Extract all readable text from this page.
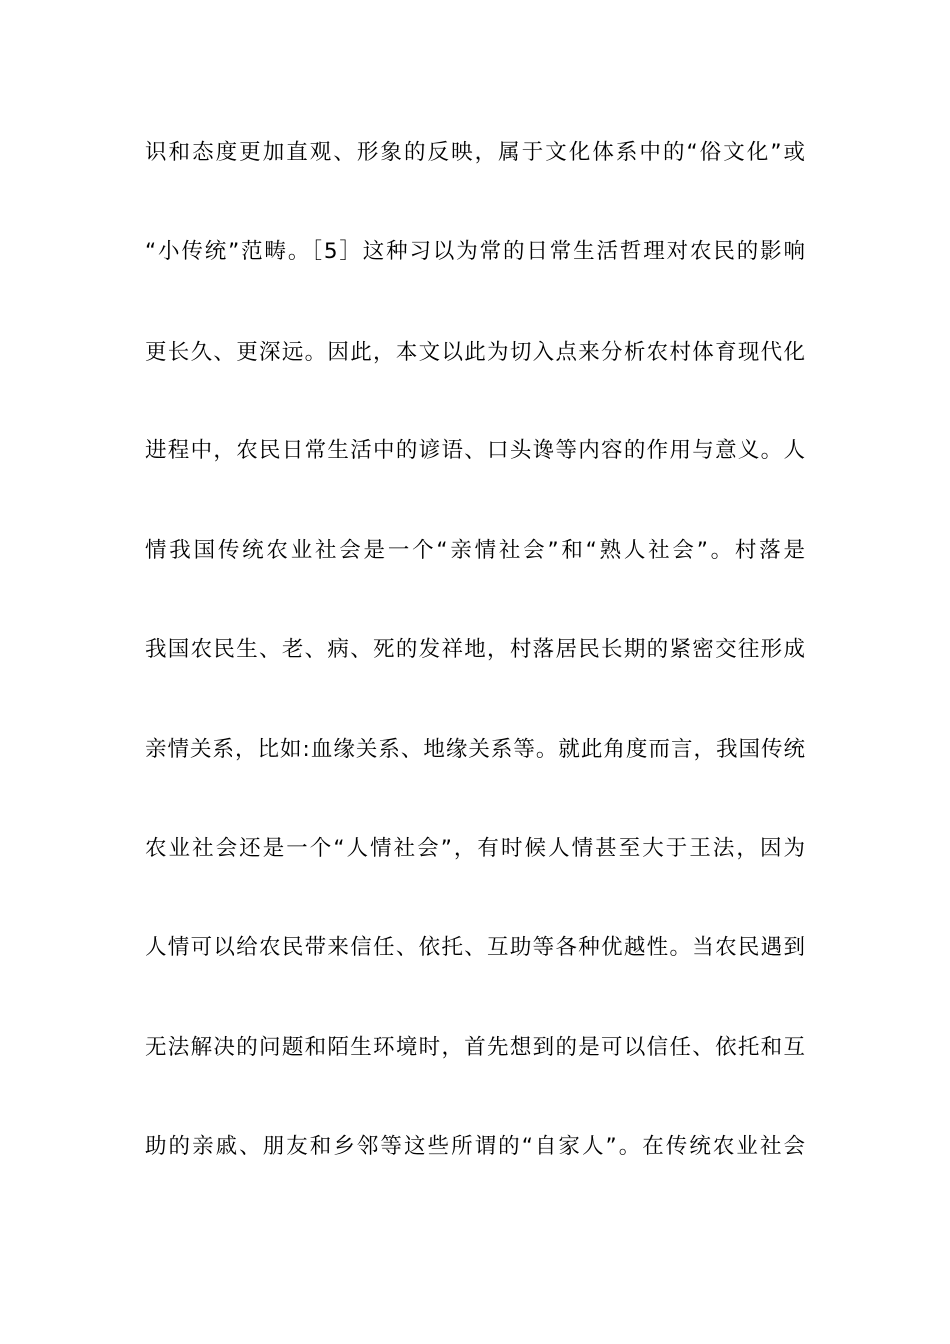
识和态度更加直观、形象的反映，属于文化体系中的“俗文化”或
“小传统”范畴。［5］这种习以为常的日常生活哲理对农民的影响
更长久、更深远。因此，本文以此为切入点来分析农村体育现代化
进程中，农民日常生活中的谚语、口头谗等内容的作用与意义。人
情我国传统农业社会是一个“亲情社会”和“熟人社会”。村落是
我国农民生、老、病、死的发祥地，村落居民长期的紧密交往形成
亲情关系，比如:血缘关系、地缘关系等。就此角度而言，我国传统
农业社会还是一个“人情社会”，有时候人情甚至大于王法，因为
人情可以给农民带来信任、依托、互助等各种优越性。当农民遇到
无法解决的问题和陌生环境时，首先想到的是可以信任、依托和互
助的亲戚、朋友和乡邻等这些所谓的“自家人”。在传统农业社会
